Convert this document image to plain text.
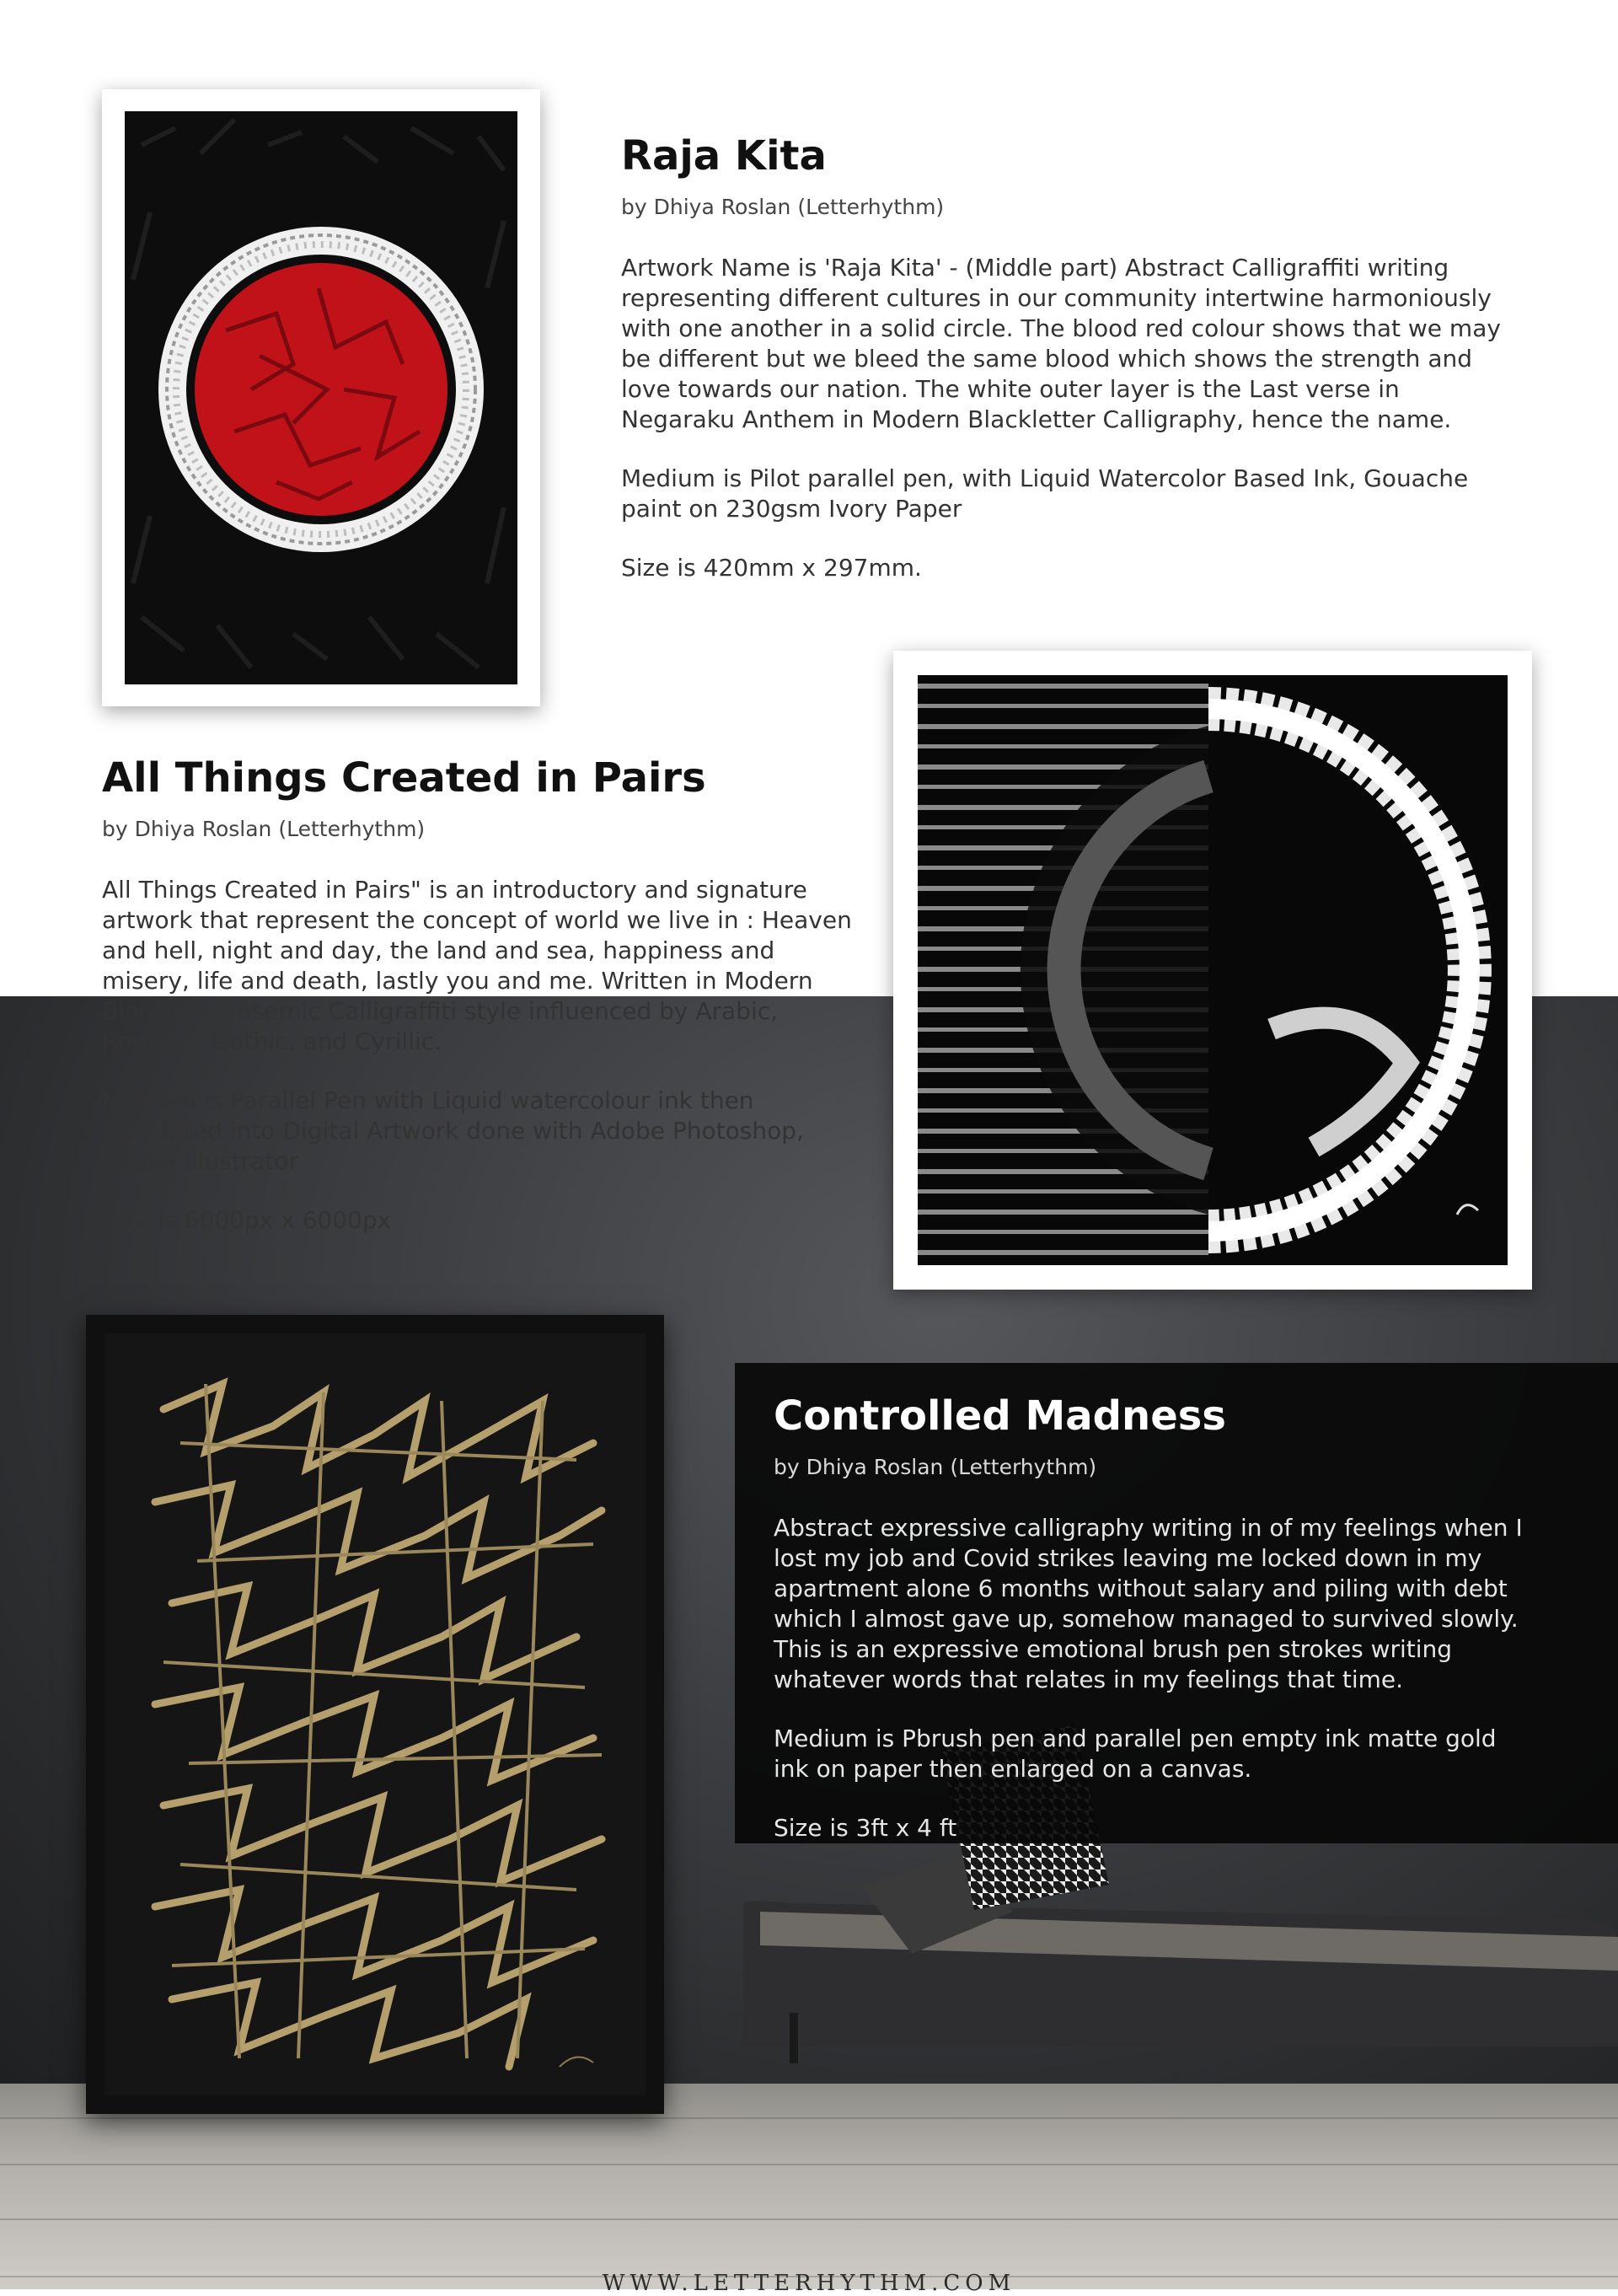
Raja Kita
by Dhiya Roslan (Letterhythm)

Artwork Name is 'Raja Kita' - (Middle part) Abstract Calligraffiti writing representing different cultures in our community intertwine harmoniously with one another in a solid circle. The blood red colour shows that we may be different but we bleed the same blood which shows the strength and love towards our nation. The white outer layer is the Last verse in Negaraku Anthem in Modern Blackletter Calligraphy, hence the name.

Medium is Pilot parallel pen, with Liquid Watercolor Based Ink, Gouache paint on 230gsm Ivory Paper

Size is 420mm x 297mm.

All Things Created in Pairs
by Dhiya Roslan (Letterhythm)

All Things Created in Pairs" is an introductory and signature artwork that represent the concept of world we live in : Heaven and hell, night and day, the land and sea, happiness and misery, life and death, lastly you and me. Written in Modern Blackletter asemic Calligraffiti style influenced by Arabic, Romans, Gothic, and Cyrillic.

Medium is Parallel Pen with Liquid watercolour ink then translated into Digital Artwork done with Adobe Photoshop, Adobe Illustrator

Size is 6000px x 6000px

Controlled Madness
by Dhiya Roslan (Letterhythm)

Abstract expressive calligraphy writing in of my feelings when I lost my job and Covid strikes leaving me locked down in my apartment alone 6 months without salary and piling with debt which I almost gave up, somehow managed to survived slowly. This is an expressive emotional brush pen strokes writing whatever words that relates in my feelings that time.

Medium is Pbrush pen and parallel pen empty ink matte gold ink on paper then enlarged on a canvas.

Size is 3ft x 4 ft

WWW.LETTERHYTHM.COM
